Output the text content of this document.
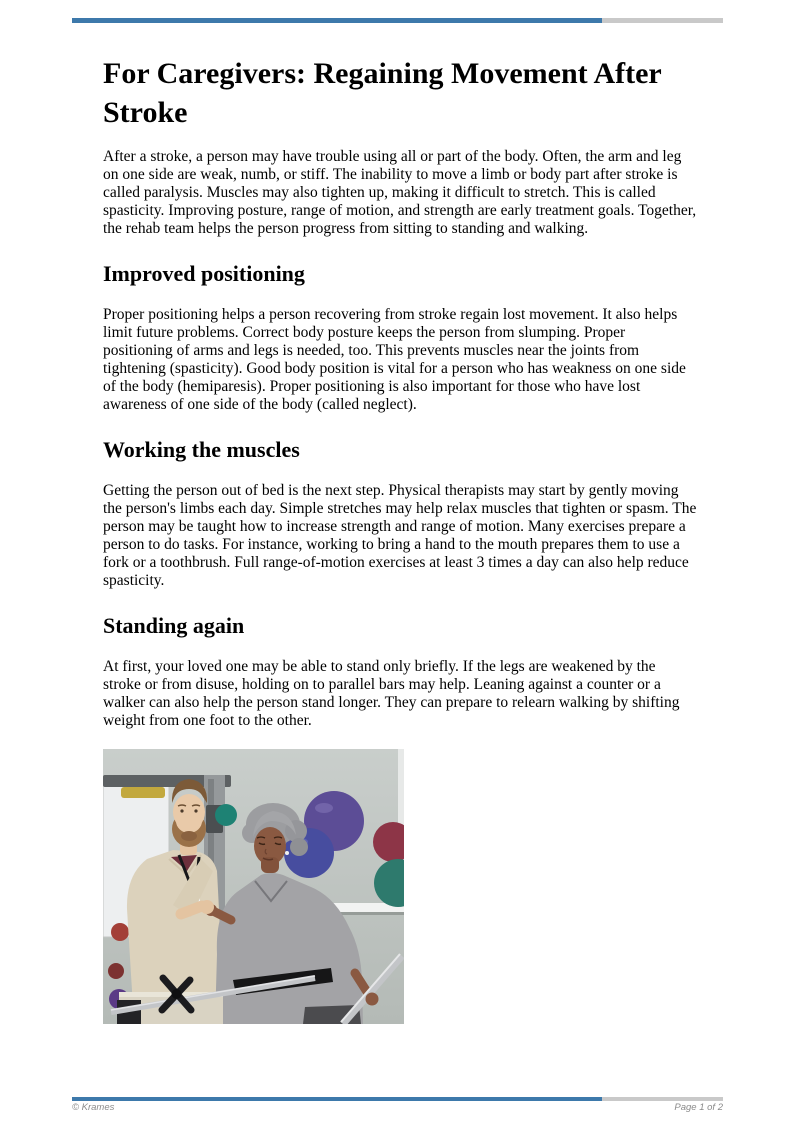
For Caregivers: Regaining Movement After Stroke

After a stroke, a person may have trouble using all or part of the body. Often, the arm and leg on one side are weak, numb, or stiff. The inability to move a limb or body part after stroke is called paralysis. Muscles may also tighten up, making it difficult to stretch. This is called spasticity. Improving posture, range of motion, and strength are early treatment goals. Together, the rehab team helps the person progress from sitting to standing and walking.

Improved positioning

Proper positioning helps a person recovering from stroke regain lost movement. It also helps limit future problems. Correct body posture keeps the person from slumping. Proper positioning of arms and legs is needed, too. This prevents muscles near the joints from tightening (spasticity). Good body position is vital for a person who has weakness on one side of the body (hemiparesis). Proper positioning is also important for those who have lost awareness of one side of the body (called neglect).

Working the muscles

Getting the person out of bed is the next step. Physical therapists may start by gently moving the person's limbs each day. Simple stretches may help relax muscles that tighten or spasm. The person may be taught how to increase strength and range of motion. Many exercises prepare a person to do tasks. For instance, working to bring a hand to the mouth prepares them to use a fork or a toothbrush. Full range-of-motion exercises at least 3 times a day can also help reduce spasticity.

Standing again

At first, your loved one may be able to stand only briefly. If the legs are weakened by the stroke or from disuse, holding on to parallel bars may help. Leaning against a counter or a walker can also help the person stand longer. They can prepare to relearn walking by shifting weight from one foot to the other.

© Krames	Page 1 of 2
